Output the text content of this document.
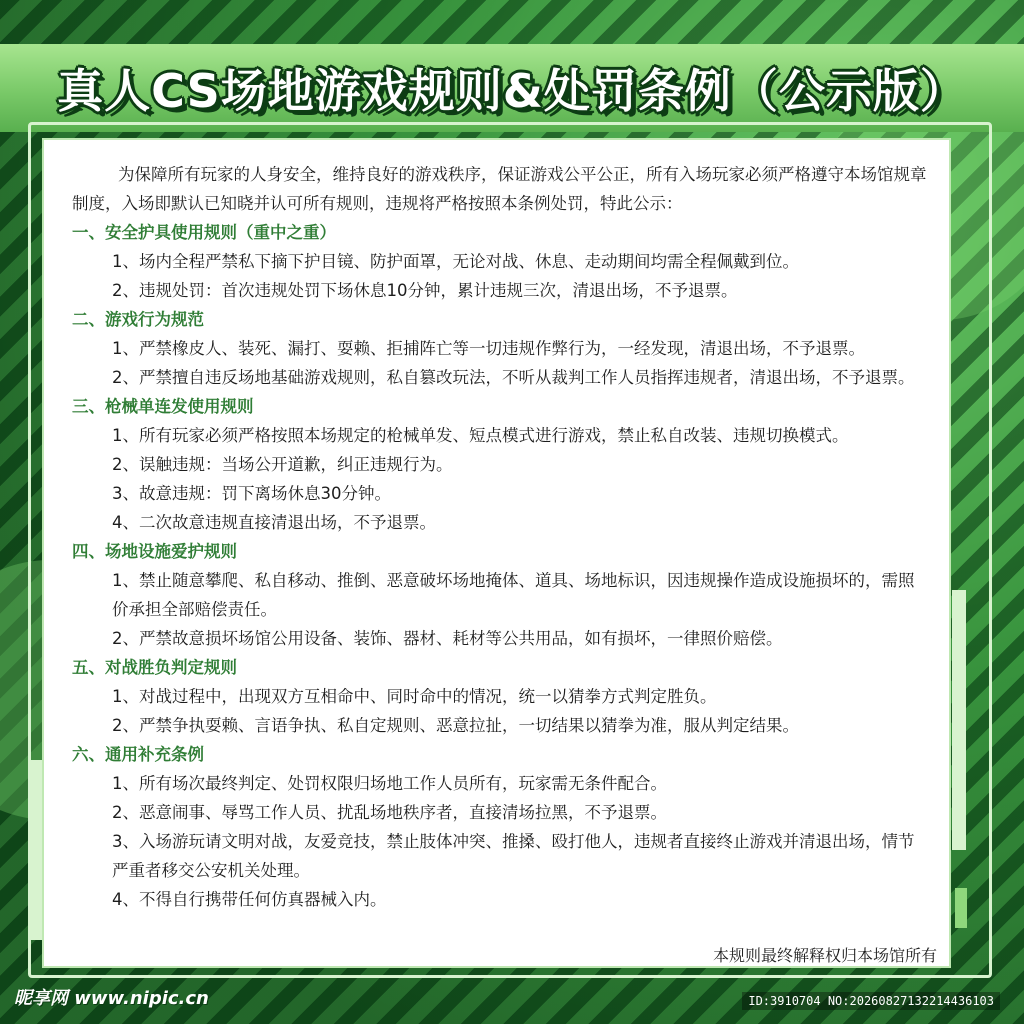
真人CS场地游戏规则&处罚条例（公示版）

为保障所有玩家的人身安全，维持良好的游戏秩序，保证游戏公平公正，所有入场玩家必须严格遵守本场馆规章制度，入场即默认已知晓并认可所有规则，违规将严格按照本条例处罚，特此公示：

一、安全护具使用规则（重中之重）

1、场内全程严禁私下摘下护目镜、防护面罩，无论对战、休息、走动期间均需全程佩戴到位。

2、违规处罚：首次违规处罚下场休息10分钟，累计违规三次，清退出场，不予退票。

二、游戏行为规范

1、严禁橡皮人、装死、漏打、耍赖、拒捕阵亡等一切违规作弊行为，一经发现，清退出场，不予退票。

2、严禁擅自违反场地基础游戏规则，私自篡改玩法，不听从裁判工作人员指挥违规者，清退出场，不予退票。

三、枪械单连发使用规则

1、所有玩家必须严格按照本场规定的枪械单发、短点模式进行游戏，禁止私自改装、违规切换模式。

2、误触违规：当场公开道歉，纠正违规行为。

3、故意违规：罚下离场休息30分钟。

4、二次故意违规直接清退出场，不予退票。

四、场地设施爱护规则

1、禁止随意攀爬、私自移动、推倒、恶意破坏场地掩体、道具、场地标识，因违规操作造成设施损坏的，需照价承担全部赔偿责任。

2、严禁故意损坏场馆公用设备、装饰、器材、耗材等公共用品，如有损坏，一律照价赔偿。

五、对战胜负判定规则

1、对战过程中，出现双方互相命中、同时命中的情况，统一以猜拳方式判定胜负。

2、严禁争执耍赖、言语争执、私自定规则、恶意拉扯，一切结果以猜拳为准，服从判定结果。

六、通用补充条例

1、所有场次最终判定、处罚权限归场地工作人员所有，玩家需无条件配合。

2、恶意闹事、辱骂工作人员、扰乱场地秩序者，直接清场拉黑，不予退票。

3、入场游玩请文明对战，友爱竞技，禁止肢体冲突、推搡、殴打他人，违规者直接终止游戏并清退出场，情节严重者移交公安机关处理。

4、不得自行携带任何仿真器械入内。

本规则最终解释权归本场馆所有
昵享网 www.nipic.cn	ID:3910704 NO:20260827132214436103
